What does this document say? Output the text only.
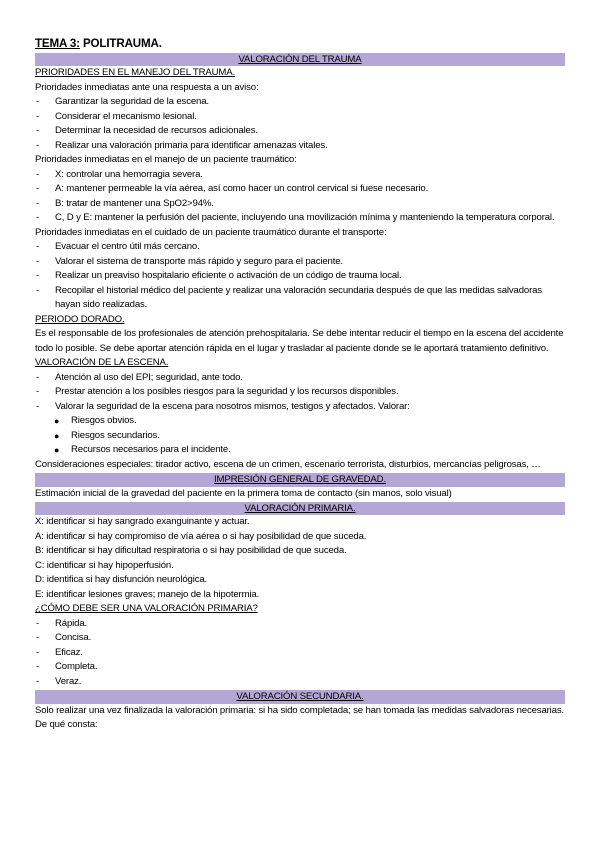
TEMA 3: POLITRAUMA.
VALORACIÓN DEL TRAUMA
PRIORIDADES EN EL MANEJO DEL TRAUMA.
Prioridades inmediatas ante una respuesta a un aviso:
- Garantizar la seguridad de la escena.
- Considerar el mecanismo lesional.
- Determinar la necesidad de recursos adicionales.
- Realizar una valoración primaria para identificar amenazas vitales.
Prioridades inmediatas en el manejo de un paciente traumático:
- X: controlar una hemorragia severa.
- A: mantener permeable la vía aérea, así como hacer un control cervical si fuese necesario.
- B: tratar de mantener una SpO2>94%.
- C, D y E: mantener la perfusión del paciente, incluyendo una movilización mínima y manteniendo la temperatura corporal.
Prioridades inmediatas en el cuidado de un paciente traumático durante el transporte:
- Evacuar el centro útil más cercano.
- Valorar el sistema de transporte más rápido y seguro para el paciente.
- Realizar un preaviso hospitalario eficiente o activación de un código de trauma local.
- Recopilar el historial médico del paciente y realizar una valoración secundaria después de que las medidas salvadoras hayan sido realizadas.
PERIODO DORADO.
Es el responsable de los profesionales de atención prehospitalaria. Se debe intentar reducir el tiempo en la escena del accidente todo lo posible. Se debe aportar atención rápida en el lugar y trasladar al paciente donde se le aportará tratamiento definitivo.
VALORACIÓN DE LA ESCENA.
- Atención al uso del EPI; seguridad, ante todo.
- Prestar atención a los posibles riesgos para la seguridad y los recursos disponibles.
- Valorar la seguridad de la escena para nosotros mismos, testigos y afectados. Valorar:
● Riesgos obvios.
● Riesgos secundarios.
● Recursos necesarios para el incidente.
Consideraciones especiales: tirador activo, escena de un crimen, escenario terrorista, disturbios, mercancías peligrosas, …
IMPRESIÓN GENERAL DE GRAVEDAD.
Estimación inicial de la gravedad del paciente en la primera toma de contacto (sin manos, solo visual)
VALORACIÓN PRIMARIA.
X: identificar si hay sangrado exanguinante y actuar.
A: identificar si hay compromiso de vía aérea o si hay posibilidad de que suceda.
B: identificar si hay dificultad respiratoria o si hay posibilidad de que suceda.
C: identificar si hay hipoperfusión.
D: identifica si hay disfunción neurológica.
E: identificar lesiones graves; manejo de la hipotermia.
¿CÓMO DEBE SER UNA VALORACIÓN PRIMARIA?
- Rápida.
- Concisa.
- Eficaz.
- Completa.
- Veraz.
VALORACIÓN SECUNDARIA.
Solo realizar una vez finalizada la valoración primaria: si ha sido completada; se han tomada las medidas salvadoras necesarias.
De qué consta:
